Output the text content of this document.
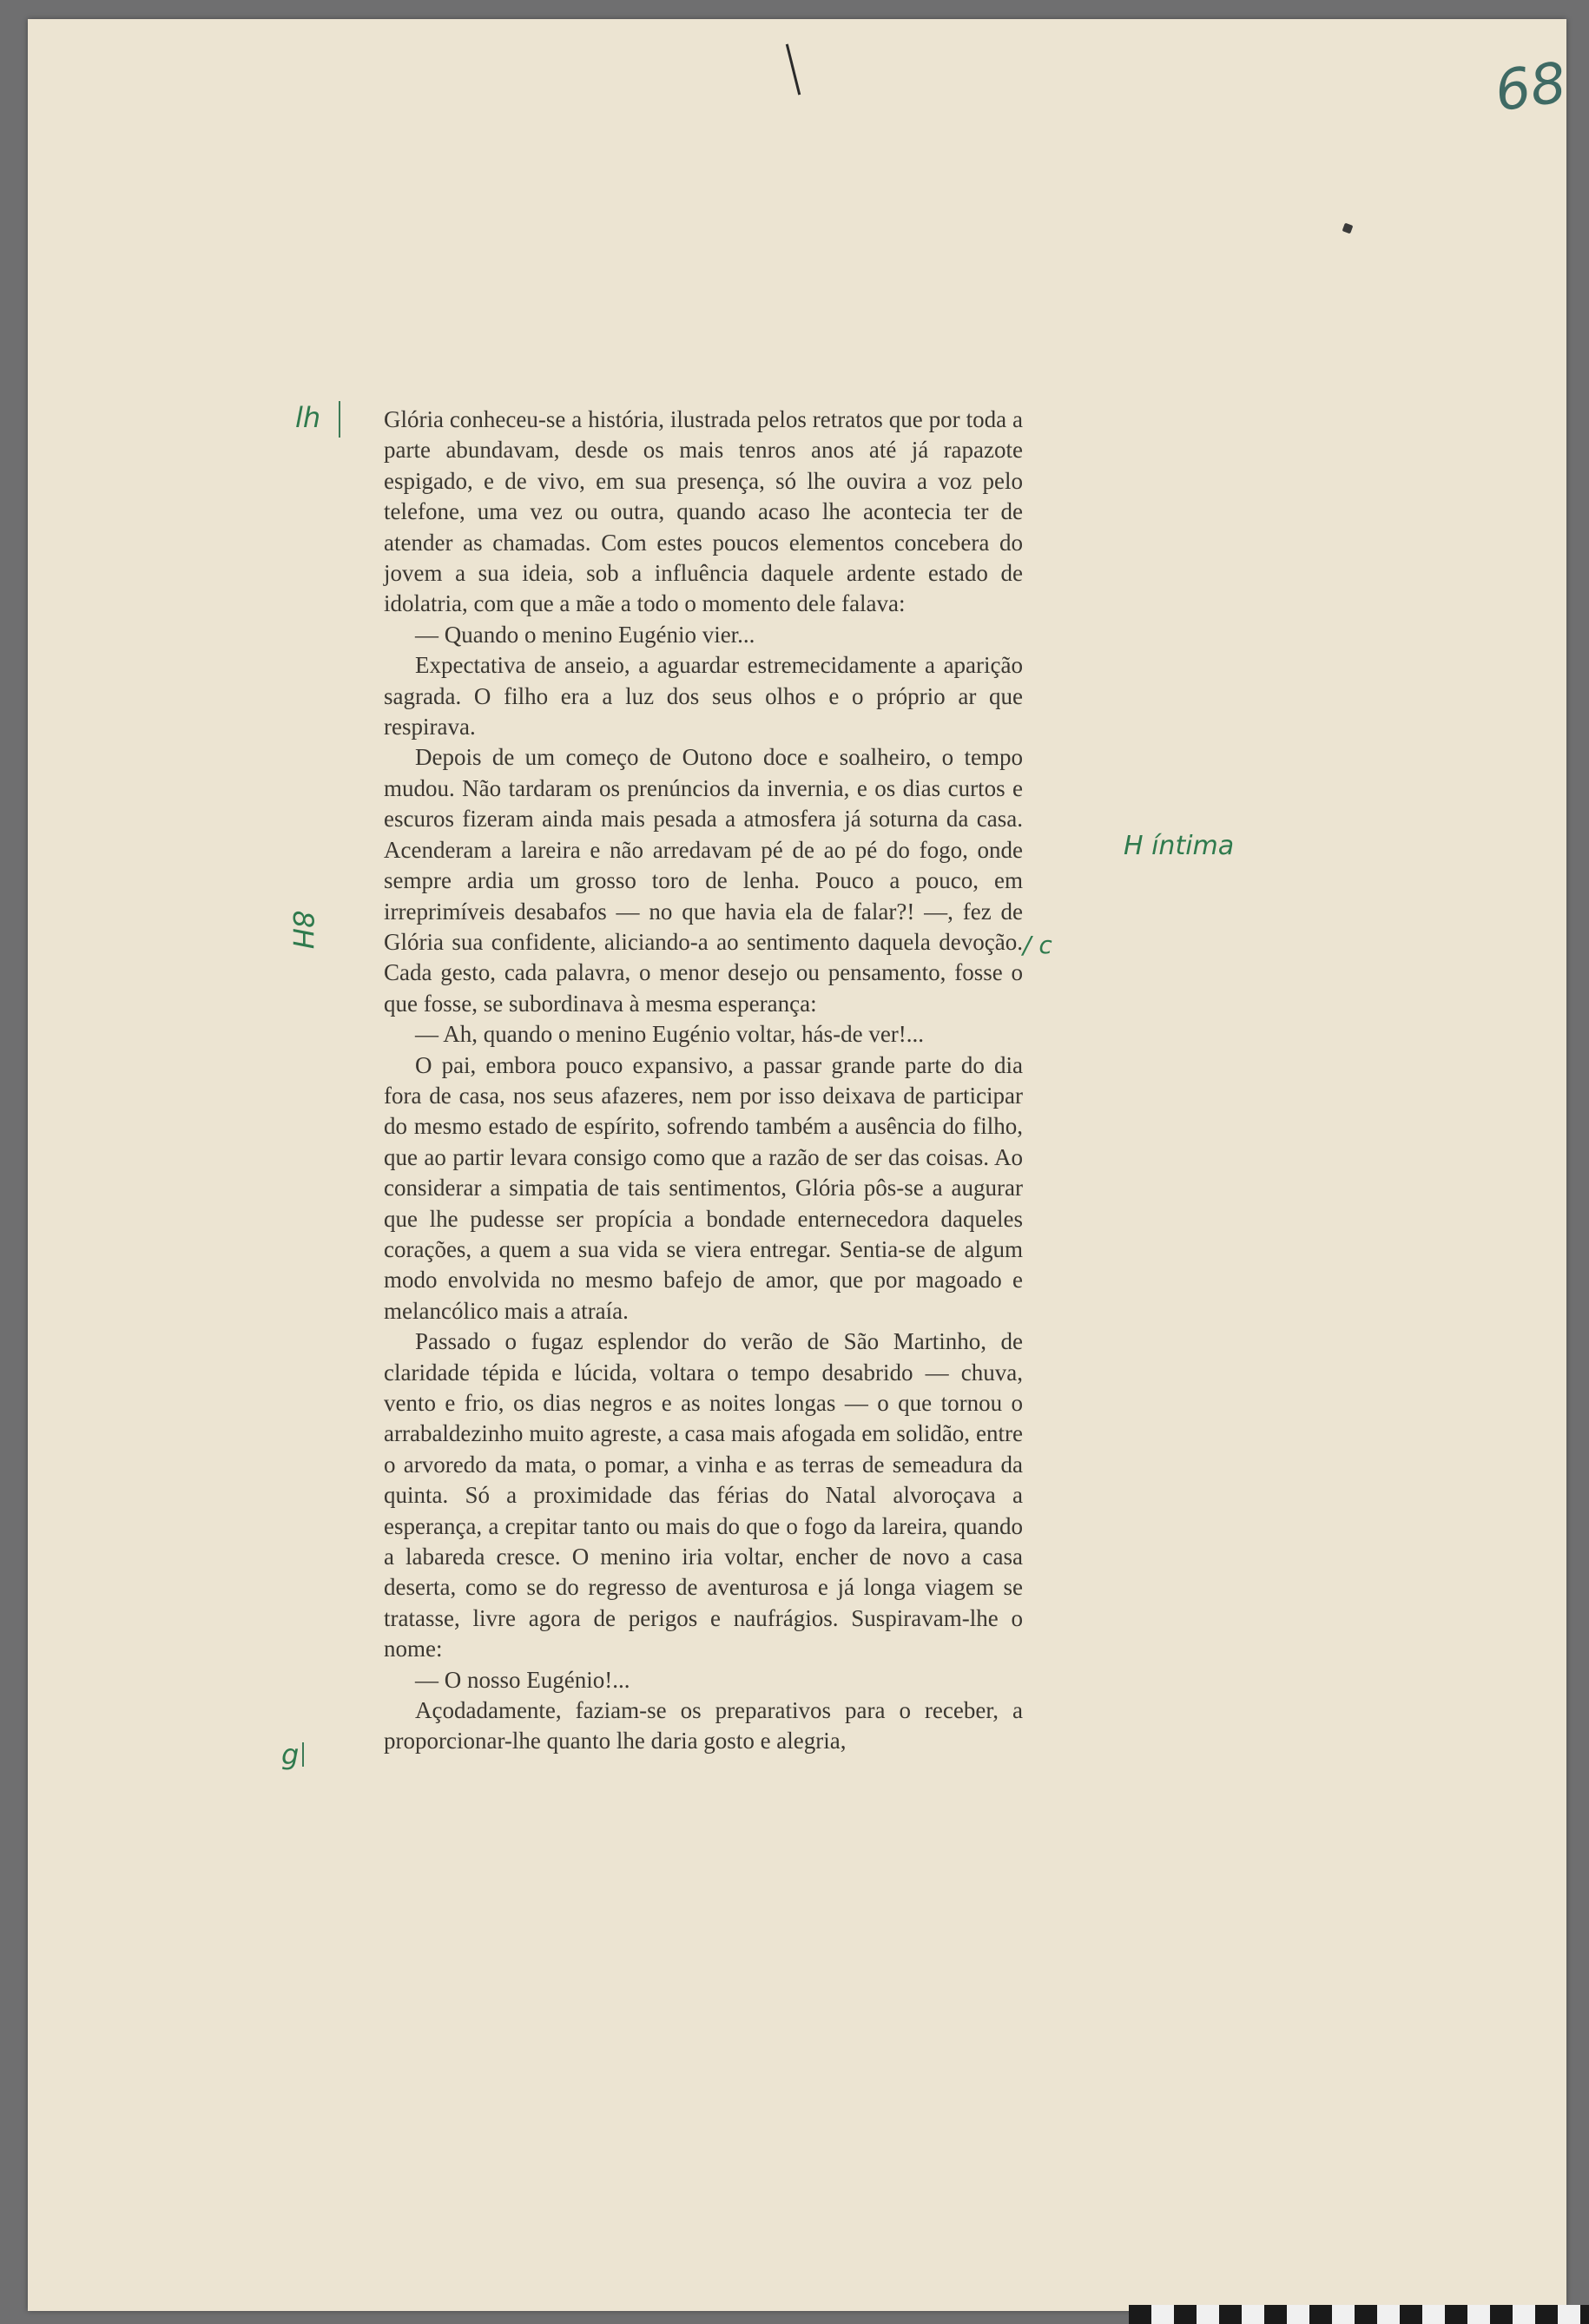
68
lh
8H
H íntima
/ c
g

Glória conheceu-se a história, ilustrada pelos retratos que por toda a parte abundavam, desde os mais tenros anos até já rapazote espigado, e de vivo, em sua presença, só lhe ouvira a voz pelo telefone, uma vez ou outra, quando acaso lhe acontecia ter de atender as chamadas. Com estes poucos elementos concebera do jovem a sua ideia, sob a influência daquele ardente estado de idolatria, com que a mãe a todo o momento dele falava:

— Quando o menino Eugénio vier...

Expectativa de anseio, a aguardar estremecidamente a aparição sagrada. O filho era a luz dos seus olhos e o próprio ar que respirava.

Depois de um começo de Outono doce e soalheiro, o tempo mudou. Não tardaram os prenúncios da invernia, e os dias curtos e escuros fizeram ainda mais pesada a atmosfera já soturna da casa. Acenderam a lareira e não arredavam pé de ao pé do fogo, onde sempre ardia um grosso toro de lenha. Pouco a pouco, em irreprimíveis desabafos — no que havia ela de falar?! —, fez de Glória sua confidente, aliciando-a ao sentimento daquela devoção. Cada gesto, cada palavra, o menor desejo ou pensamento, fosse o que fosse, se subordinava à mesma esperança:

— Ah, quando o menino Eugénio voltar, hás-de ver!...

O pai, embora pouco expansivo, a passar grande parte do dia fora de casa, nos seus afazeres, nem por isso deixava de participar do mesmo estado de espírito, sofrendo também a ausência do filho, que ao partir levara consigo como que a razão de ser das coisas. Ao considerar a simpatia de tais sentimentos, Glória pôs-se a augurar que lhe pudesse ser propícia a bondade enternecedora daqueles corações, a quem a sua vida se viera entregar. Sentia-se de algum modo envolvida no mesmo bafejo de amor, que por magoado e melancólico mais a atraía.

Passado o fugaz esplendor do verão de São Martinho, de claridade tépida e lúcida, voltara o tempo desabrido — chuva, vento e frio, os dias negros e as noites longas — o que tornou o arrabaldezinho muito agreste, a casa mais afogada em solidão, entre o arvoredo da mata, o pomar, a vinha e as terras de semeadura da quinta. Só a proximidade das férias do Natal alvoroçava a esperança, a crepitar tanto ou mais do que o fogo da lareira, quando a labareda cresce. O menino iria voltar, encher de novo a casa deserta, como se do regresso de aventurosa e já longa viagem se tratasse, livre agora de perigos e naufrágios. Suspiravam-lhe o nome:

— O nosso Eugénio!...

Açodadamente, faziam-se os preparativos para o receber, a proporcionar-lhe quanto lhe daria gosto e alegria,
